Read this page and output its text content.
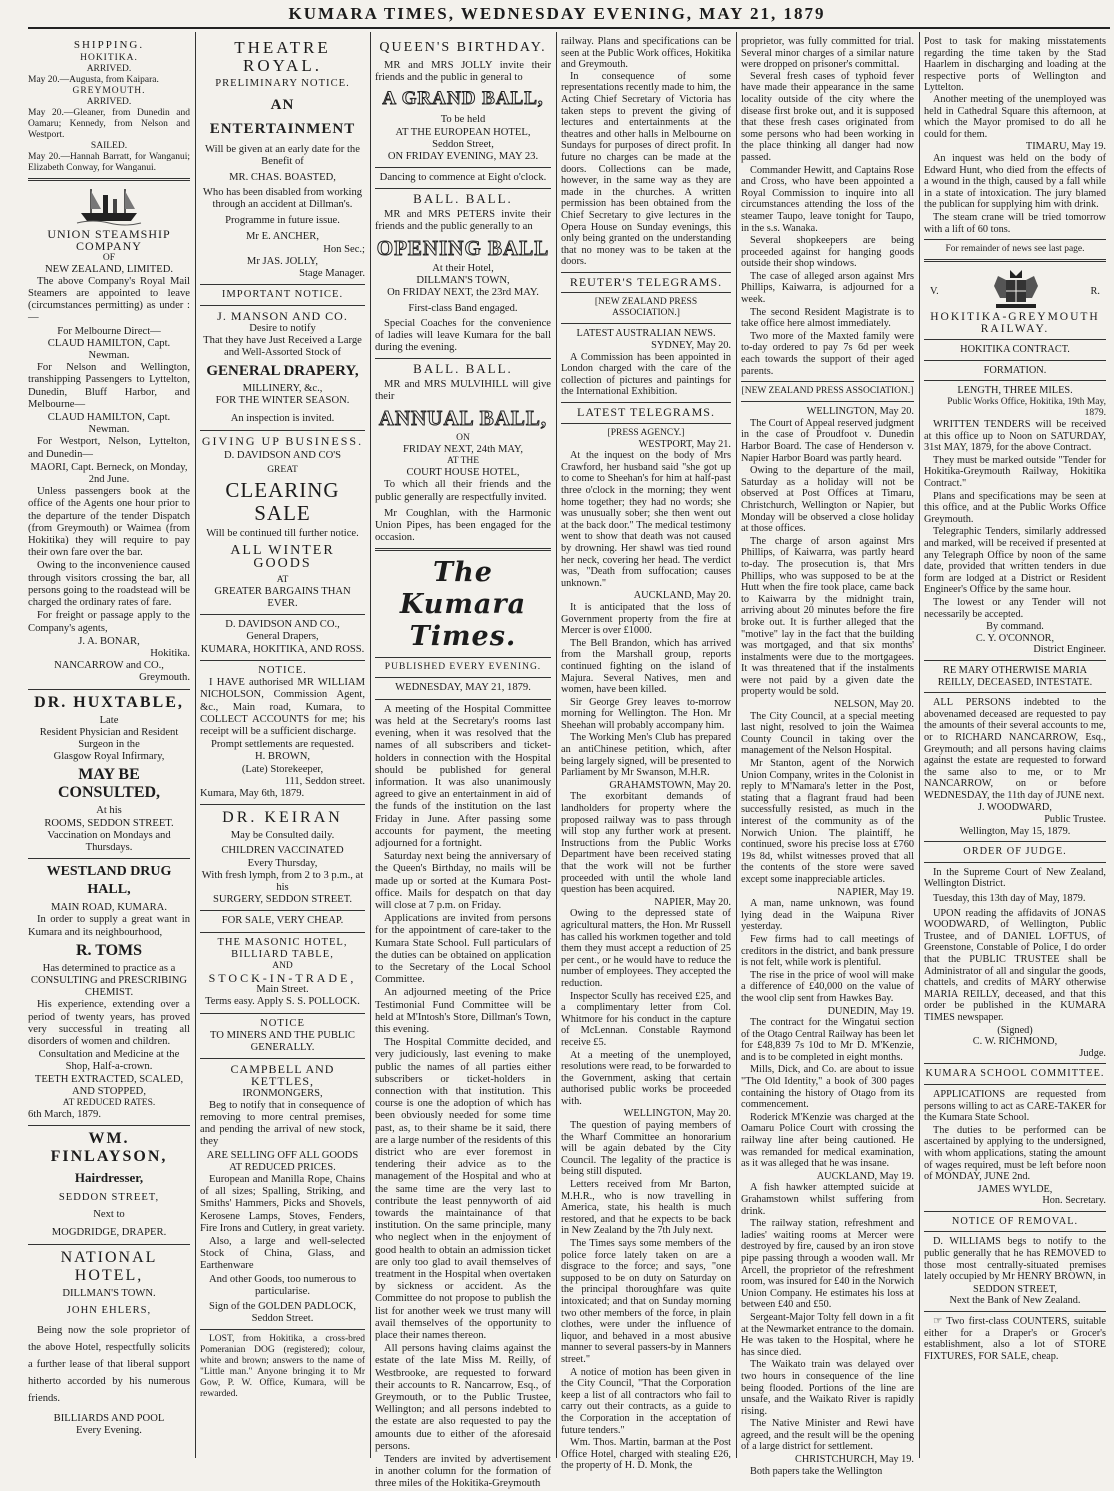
KUMARA TIMES, WEDNESDAY EVENING, MAY 21, 1879
SHIPPING.
HOKITIKA.
ARRIVED.
May 20.—Augusta, from Kaipara.
GREYMOUTH.
ARRIVED.
May 20.—Gleaner, from Dunedin and Oamaru; Kennedy, from Nelson and Westport.
SAILED.
May 20.—Hannah Barratt, for Wanganui; Elizabeth Conway, for Wanganui.
UNION STEAMSHIP COMPANY
OF
NEW ZEALAND, LIMITED.
The above Company's Royal Mail Steamers are appointed to leave (circumstances permitting) as under :—
For Melbourne Direct—
CLAUD HAMILTON, Capt. Newman.
For Nelson and Wellington, transhipping Passengers to Lyttelton, Dunedin, Bluff Harbor, and Melbourne—
CLAUD HAMILTON, Capt. Newman.
For Westport, Nelson, Lyttelton, and Dunedin—
MAORI, Capt. Berneck, on Monday, 2nd June.
Unless passengers book at the office of the Agents one hour prior to the departure of the tender Dispatch (from Greymouth) or Waimea (from Hokitika) they will require to pay their own fare over the bar.
Owing to the inconvenience caused through visitors crossing the bar, all persons going to the roadstead will be charged the ordinary rates of fare.
For freight or passage apply to the Company's agents,
J. A. BONAR,
Hokitika.
NANCARROW and CO.,
Greymouth.
DR. HUXTABLE,
Late
Resident Physician and Resident Surgeon in the
Glasgow Royal Infirmary,
MAY BE CONSULTED,
At his
ROOMS, SEDDON STREET.
Vaccination on Mondays and Thursdays.
WESTLAND DRUG HALL,
MAIN ROAD, KUMARA.
In order to supply a great want in Kumara and its neighbourhood,
R. TOMS
Has determined to practice as a
CONSULTING and PRESCRIBING CHEMIST.
His experience, extending over a period of twenty years, has proved very successful in treating all disorders of women and children.
Consultation and Medicine at the Shop, Half-a-crown.
TEETH EXTRACTED, SCALED, AND STOPPED,
AT REDUCED RATES.
6th March, 1879.
WM. FINLAYSON,
Hairdresser,
SEDDON STREET,
Next to
MOGDRIDGE, DRAPER.
NATIONAL HOTEL,
DILLMAN'S TOWN.
JOHN EHLERS,
Being now the sole proprietor of the above Hotel, respectfully solicits a further lease of that liberal support hitherto accorded by his numerous friends.
BILLIARDS AND POOL
Every Evening.
THEATRE ROYAL.
PRELIMINARY NOTICE.
AN ENTERTAINMENT
Will be given at an early date for the Benefit of
MR. CHAS. BOASTED,
Who has been disabled from working through an accident at Dillman's.
Programme in future issue.
Mr E. ANCHER,
Hon Sec.;
Mr JAS. JOLLY,
Stage Manager.
IMPORTANT NOTICE.
J. MANSON AND CO.
Desire to notify
That they have Just Received a Large and Well-Assorted Stock of
GENERAL DRAPERY,
MILLINERY, &c.,
FOR THE WINTER SEASON.
An inspection is invited.
GIVING UP BUSINESS.
D. DAVIDSON AND CO'S
GREAT
CLEARING SALE
Will be continued till further notice.
ALL WINTER GOODS
AT
GREATER BARGAINS THAN EVER.
D. DAVIDSON AND CO.,
General Drapers,
KUMARA, HOKITIKA, AND ROSS.
NOTICE.
I HAVE authorised MR WILLIAM NICHOLSON, Commission Agent, &c., Main road, Kumara, to COLLECT ACCOUNTS for me; his receipt will be a sufficient discharge.
Prompt settlements are requested.
H. BROWN,
(Late) Storekeeper,
111, Seddon street.
Kumara, May 6th, 1879.
DR. KEIRAN
May be Consulted daily.
CHILDREN VACCINATED
Every Thursday,
With fresh lymph, from 2 to 3 p.m., at his
SURGERY, SEDDON STREET.
FOR SALE, VERY CHEAP.
THE MASONIC HOTEL, BILLIARD TABLE,
AND
STOCK-IN-TRADE,
Main Street.
Terms easy. Apply S. S. POLLOCK.
NOTICE
TO MINERS AND THE PUBLIC GENERALLY.
CAMPBELL AND KETTLES,
IRONMONGERS,
Beg to notify that in consequence of removing to more central premises, and pending the arrival of new stock, they
ARE SELLING OFF ALL GOODS AT REDUCED PRICES.
European and Manilla Rope, Chains of all sizes; Spalling, Striking, and Smiths' Hammers, Picks and Shovels, Kerosene Lamps, Stoves, Fenders, Fire Irons and Cutlery, in great variety.
Also, a large and well-selected Stock of China, Glass, and Earthenware
And other Goods, too numerous to particularise.
Sign of the GOLDEN PADLOCK, Seddon Street.
LOST, from Hokitika, a cross-bred Pomeranian DOG (registered); colour, white and brown; answers to the name of "Little man." Anyone bringing it to Mr Gow, P. W. Office, Kumara, will be rewarded.
QUEEN'S BIRTHDAY.
MR and MRS JOLLY invite their friends and the public in general to
A GRAND BALL,
To be held
AT THE EUROPEAN HOTEL,
Seddon Street,
ON FRIDAY EVENING, MAY 23.
Dancing to commence at Eight o'clock.
BALL. BALL.
MR and MRS PETERS invite their friends and the public generally to an
OPENING BALL
At their Hotel,
DILLMAN'S TOWN,
On FRIDAY NEXT, the 23rd MAY.
First-class Band engaged.
Special Coaches for the convenience of ladies will leave Kumara for the ball during the evening.
BALL. BALL.
MR and MRS MULVIHILL will give their
ANNUAL BALL,
ON
FRIDAY NEXT, 24th MAY,
AT THE
COURT HOUSE HOTEL,
To which all their friends and the public generally are respectfully invited.
Mr Coughlan, with the Harmonic Union Pipes, has been engaged for the occasion.
The Kumara Times.
PUBLISHED EVERY EVENING.
WEDNESDAY, MAY 21, 1879.
A meeting of the Hospital Committee was held at the Secretary's rooms last evening, when it was resolved that the names of all subscribers and ticket-holders in connection with the Hospital should be published for general information. It was also unanimously agreed to give an entertainment in aid of the funds of the institution on the last Friday in June. After passing some accounts for payment, the meeting adjourned for a fortnight.
Saturday next being the anniversary of the Queen's Birthday, no mails will be made up or sorted at the Kumara Post-office. Mails for despatch on that day will close at 7 p.m. on Friday.
Applications are invited from persons for the appointment of care-taker to the Kumara State School. Full particulars of the duties can be obtained on application to the Secretary of the Local School Committee.
An adjourned meeting of the Price Testimonial Fund Committee will be held at M'Intosh's Store, Dillman's Town, this evening.
The Hospital Committe decided, and very judiciously, last evening to make public the names of all parties either subscribers or ticket-holders in connection with that institution. This course is one the adoption of which has been obviously needed for some time past, as, to their shame be it said, there are a large number of the residents of this district who are ever foremost in tendering their advice as to the management of the Hospital and who at the same time are the very last to contribute the least pennyworth of aid towards the maintainance of that institution. On the same principle, many who neglect when in the enjoyment of good health to obtain an admission ticket are only too glad to avail themselves of treatment in the Hospital when overtaken by sickness or accident. As the Committee do not propose to publish the list for another week we trust many will avail themselves of the opportunity to place their names thereon.
All persons having claims against the estate of the late Miss M. Reilly, of Westbrooke, are requested to forward their accounts to R. Nancarrow, Esq., of Greymouth, or to the Public Trustee, Wellington; and all persons indebted to the estate are also requested to pay the amounts due to either of the aforesaid persons.
Tenders are invited by advertisement in another column for the formation of three miles of the Hokitika-Greymouth
railway. Plans and specifications can be seen at the Public Work offices, Hokitika and Greymouth.
In consequence of some representations recently made to him, the Acting Chief Secretary of Victoria has taken steps to prevent the giving of lectures and entertainments at the theatres and other halls in Melbourne on Sundays for purposes of direct profit. In future no charges can be made at the doors. Collections can be made, however, in the same way as they are made in the churches. A written permission has been obtained from the Chief Secretary to give lectures in the Opera House on Sunday evenings, this only being granted on the understanding that no money was to be taken at the doors.
REUTER'S TELEGRAMS.
[NEW ZEALAND PRESS ASSOCIATION.]
LATEST AUSTRALIAN NEWS.
SYDNEY, May 20.
A Commission has been appointed in London charged with the care of the collection of pictures and paintings for the International Exhibition.
LATEST TELEGRAMS.
[PRESS AGENCY.]
WESTPORT, May 21.
At the inquest on the body of Mrs Crawford, her husband said "she got up to come to Sheehan's for him at half-past three o'clock in the morning; they went home together; they had no words; she was unusually sober; she then went out at the back door." The medical testimony went to show that death was not caused by drowning. Her shawl was tied round her neck, covering her head. The verdict was, "Death from suffocation; causes unknown."
AUCKLAND, May 20.
It is anticipated that the loss of Government property from the fire at Mercer is over £1000.
The Bell Brandon, which has arrived from the Marshall group, reports continued fighting on the island of Majura. Several Natives, men and women, have been killed.
Sir George Grey leaves to-morrow morning for Wellington. The Hon. Mr Sheehan will probably accompany him.
The Working Men's Club has prepared an antiChinese petition, which, after being largely signed, will be presented to Parliament by Mr Swanson, M.H.R.
GRAHAMSTOWN, May 20.
The exorbitant demands of landholders for property where the proposed railway was to pass through will stop any further work at present. Instructions from the Public Works Department have been received stating that the work will not be further proceeded with until the whole land question has been acquired.
NAPIER, May 20.
Owing to the depressed state of agricultural matters, the Hon. Mr Russell has called his workmen together and told them they must accept a reduction of 25 per cent., or he would have to reduce the number of employees. They accepted the reduction.
Inspector Scully has received £25, and a complimentary letter from Col. Whitmore for his conduct in the capture of McLennan. Constable Raymond receive £5.
At a meeting of the unemployed, resolutions were read, to be forwarded to the Government, asking that certain authorised public works be proceeded with.
WELLINGTON, May 20.
The question of paying members of the Wharf Committee an honorarium will be again debated by the City Council. The legality of the practice is being still disputed.
Letters received from Mr Barton, M.H.R., who is now travelling in America, state, his health is much restored, and that he expects to be back in New Zealand by the 7th July next.
The Times says some members of the police force lately taken on are a disgrace to the force; and says, "one supposed to be on duty on Saturday on the principal thoroughfare was quite intoxicated; and that on Sunday morning two other members of the force, in plain clothes, were under the influence of liquor, and behaved in a most abusive manner to several passers-by in Manners street."
A notice of motion has been given in the City Council, "That the Corporation keep a list of all contractors who fail to carry out their contracts, as a guide to the Corporation in the acceptation of future tenders."
Wm. Thos. Martin, barman at the Post Office Hotel, charged with stealing £26, the property of H. D. Monk, the
proprietor, was fully committed for trial. Several minor charges of a similar nature were dropped on prisoner's committal.
Several fresh cases of typhoid fever have made their appearance in the same locality outside of the city where the disease first broke out, and it is supposed that these fresh cases originated from some persons who had been working in the place thinking all danger had now passed.
Commander Hewitt, and Captains Rose and Cross, who have been appointed a Royal Commission to inquire into all circumstances attending the loss of the steamer Taupo, leave tonight for Taupo, in the s.s. Wanaka.
Several shopkeepers are being proceeded against for hanging goods outside their shop windows.
The case of alleged arson against Mrs Phillips, Kaiwarra, is adjourned for a week.
The second Resident Magistrate is to take office here almost immediately.
Two more of the Maxted family were to-day ordered to pay 7s 6d per week each towards the support of their aged parents.
[NEW ZEALAND PRESS ASSOCIATION.]
WELLINGTON, May 20.
The Court of Appeal reserved judgment in the case of Proudfoot v. Dunedin Harbor Board. The case of Henderson v. Napier Harbor Board was partly heard.
Owing to the departure of the mail, Saturday as a holiday will not be observed at Post Offices at Timaru, Christchurch, Wellington or Napier, but Monday will be observed a close holiday at those offices.
The charge of arson against Mrs Phillips, of Kaiwarra, was partly heard to-day. The prosecution is, that Mrs Phillips, who was supposed to be at the Hutt when the fire took place, came back to Kaiwarra by the midnight train, arriving about 20 minutes before the fire broke out. It is further alleged that the "motive" lay in the fact that the building was mortgaged, and that six months' instalments were due to the mortgagees. It was threatened that if the instalments were not paid by a given date the property would be sold.
NELSON, May 20.
The City Council, at a special meeting last night, resolved to join the Waimea County Council in taking over the management of the Nelson Hospital.
Mr Stanton, agent of the Norwich Union Company, writes in the Colonist in reply to M'Namara's letter in the Post, stating that a flagrant fraud had been successfully resisted, as much in the interest of the community as of the Norwich Union. The plaintiff, he continued, swore his precise loss at £760 19s 8d, whilst witnesses proved that all the contents of the store were saved except some inappreciable articles.
NAPIER, May 19.
A man, name unknown, was found lying dead in the Waipuna River yesterday.
Few firms had to call meetings of creditors in the district, and bank pressure is not felt, while work is plentiful.
The rise in the price of wool will make a difference of £40,000 on the value of the wool clip sent from Hawkes Bay.
DUNEDIN, May 19.
The contract for the Wingatui section of the Otago Central Railway has been let for £48,839 7s 10d to Mr D. M'Kenzie, and is to be completed in eight months.
Mills, Dick, and Co. are about to issue "The Old Identity," a book of 300 pages containing the history of Otago from its commencement.
Roderick M'Kenzie was charged at the Oamaru Police Court with crossing the railway line after being cautioned. He was remanded for medical examination, as it was alleged that he was insane.
AUCKLAND, May 19.
A fish hawker attempted suicide at Grahamstown whilst suffering from drink.
The railway station, refreshment and ladies' waiting rooms at Mercer were destroyed by fire, caused by an iron stove pipe passing through a wooden wall. Mr Arcell, the proprietor of the refreshment room, was insured for £40 in the Norwich Union Company. He estimates his loss at between £40 and £50.
Sergeant-Major Tolty fell down in a fit at the Newmarket entrance to the domain. He was taken to the Hospital, where he has since died.
The Waikato train was delayed over two hours in consequence of the line being flooded. Portions of the line are unsafe, and the Waikato River is rapidly rising.
The Native Minister and Rewi have agreed, and the result will be the opening of a large district for settlement.
CHRISTCHURCH, May 19.
Both papers take the Wellington
Post to task for making misstatements regarding the time taken by the Stad Haarlem in discharging and loading at the respective ports of Wellington and Lyttelton.
Another meeting of the unemployed was held in Cathedral Square this afternoon, at which the Mayor promised to do all he could for them.
TIMARU, May 19.
An inquest was held on the body of Edward Hunt, who died from the effects of a wound in the thigh, caused by a fall while in a state of intoxication. The jury blamed the publican for supplying him with drink.
The steam crane will be tried tomorrow with a lift of 60 tons.
For remainder of news see last page.
V.	R.
HOKITIKA-GREYMOUTH RAILWAY.
HOKITIKA CONTRACT.
FORMATION.
LENGTH, THREE MILES.
Public Works Office, Hokitika, 19th May, 1879.
WRITTEN TENDERS will be received at this office up to Noon on SATURDAY, 31st MAY, 1879, for the above Contract.
They must be marked outside "Tender for Hokitika-Greymouth Railway, Hokitika Contract."
Plans and specifications may be seen at this office, and at the Public Works Office Greymouth.
Telegraphic Tenders, similarly addressed and marked, will be received if presented at any Telegraph Office by noon of the same date, provided that written tenders in due form are lodged at a District or Resident Engineer's Office by the same hour.
The lowest or any Tender will not necessarily be accepted.
By command.
C. Y. O'CONNOR,
District Engineer.
RE MARY OTHERWISE MARIA REILLY, DECEASED, INTESTATE.
ALL PERSONS indebted to the abovenamed deceased are requested to pay the amounts of their several accounts to me, or to RICHARD NANCARROW, Esq., Greymouth; and all persons having claims against the estate are requested to forward the same also to me, or to Mr NANCARROW, on or before WEDNESDAY, the 11th day of JUNE next.
J. WOODWARD,
Public Trustee.
Wellington, May 15, 1879.
ORDER OF JUDGE.
In the Supreme Court of New Zealand, Wellington District.
Tuesday, this 13th day of May, 1879.
UPON reading the affidavits of JONAS WOODWARD, of Wellington, Public Trustee, and of DANIEL LOFTUS, of Greenstone, Constable of Police, I do order that the PUBLIC TRUSTEE shall be Administrator of all and singular the goods, chattels, and credits of MARY otherwise MARIA REILLY, deceased, and that this order be published in the KUMARA TIMES newspaper.
(Signed)
C. W. RICHMOND,
Judge.
KUMARA SCHOOL COMMITTEE.
APPLICATIONS are requested from persons willing to act as CARE-TAKER for the Kumara State School.
The duties to be performed can be ascertained by applying to the undersigned, with whom applications, stating the amount of wages required, must be left before noon of MONDAY, JUNE 2nd.
JAMES WYLDE,
Hon. Secretary.
NOTICE OF REMOVAL.
D. WILLIAMS begs to notify to the public generally that he has REMOVED to those most centrally-situated premises lately occupied by Mr HENRY BROWN, in
SEDDON STREET,
Next the Bank of New Zealand.
☞ Two first-class COUNTERS, suitable either for a Draper's or Grocer's establishment, also a lot of STORE FIXTURES, FOR SALE, cheap.
